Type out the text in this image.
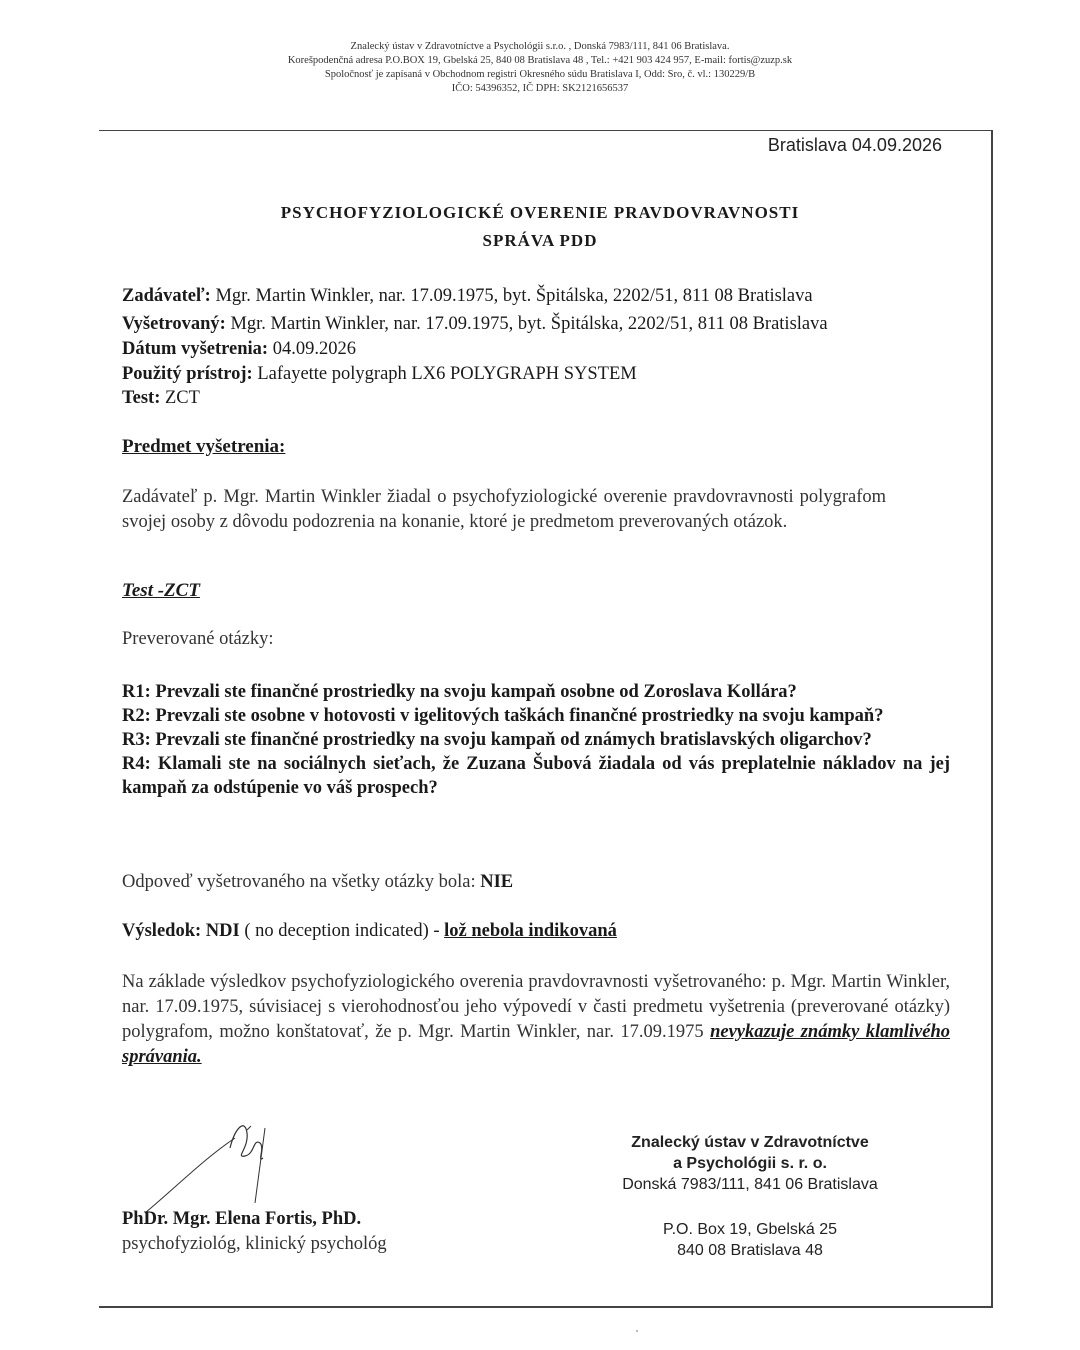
Znalecký ústav v Zdravotníctve a Psychológii s.r.o. , Donská 7983/111, 841 06 Bratislava.
Korešpodenčná adresa P.O.BOX 19, Gbelská 25, 840 08 Bratislava 48 , Tel.: +421 903 424 957, E-mail: fortis@zuzp.sk
Spoločnosť je zapísaná v Obchodnom registri Okresného súdu Bratislava I, Odd: Sro, č. vl.: 130229/B
IČO: 54396352, IČ DPH: SK2121656537
Bratislava 04.09.2026
PSYCHOFYZIOLOGICKÉ OVERENIE PRAVDOVRAVNOSTI
SPRÁVA PDD
Zadávateľ: Mgr. Martin Winkler, nar. 17.09.1975, byt. Špitálska, 2202/51, 811 08 Bratislava
Vyšetrovaný: Mgr. Martin Winkler, nar. 17.09.1975, byt. Špitálska, 2202/51, 811 08 Bratislava
Dátum vyšetrenia: 04.09.2026
Použitý prístroj: Lafayette polygraph LX6 POLYGRAPH SYSTEM
Test: ZCT
Predmet vyšetrenia:
Zadávateľ p. Mgr. Martin Winkler žiadal o psychofyziologické overenie pravdovravnosti polygrafom svojej osoby z dôvodu podozrenia na konanie, ktoré je predmetom preverovaných otázok.
Test -ZCT
Preverované otázky:
R1: Prevzali ste finančné prostriedky na svoju kampaň osobne od Zoroslava Kollára?
R2: Prevzali ste osobne v hotovosti v igelitových taškách finančné prostriedky na svoju kampaň?
R3: Prevzali ste finančné prostriedky na svoju kampaň od známych bratislavských oligarchov?
R4: Klamali ste na sociálnych sieťach, že Zuzana Šubová žiadala od vás preplatelnie nákladov na jej kampaň za odstúpenie vo váš prospech?
Odpoveď vyšetrovaného na všetky otázky bola: NIE
Výsledok: NDI ( no deception indicated) - lož nebola indikovaná
Na základe výsledkov psychofyziologického overenia pravdovravnosti vyšetrovaného: p. Mgr. Martin Winkler, nar. 17.09.1975, súvisiacej s vierohodnosťou jeho výpovedí v časti predmetu vyšetrenia (preverované otázky) polygrafom, možno konštatovať, že p. Mgr. Martin Winkler, nar. 17.09.1975 nevykazuje známky klamlivého správania.
PhDr. Mgr. Elena Fortis, PhD.
psychofyziológ, klinický psychológ
Znalecký ústav v Zdravotníctve
a Psychológii s. r. o.
Donská 7983/111, 841 06 Bratislava
P.O. Box 19, Gbelská 25
840 08 Bratislava 48
